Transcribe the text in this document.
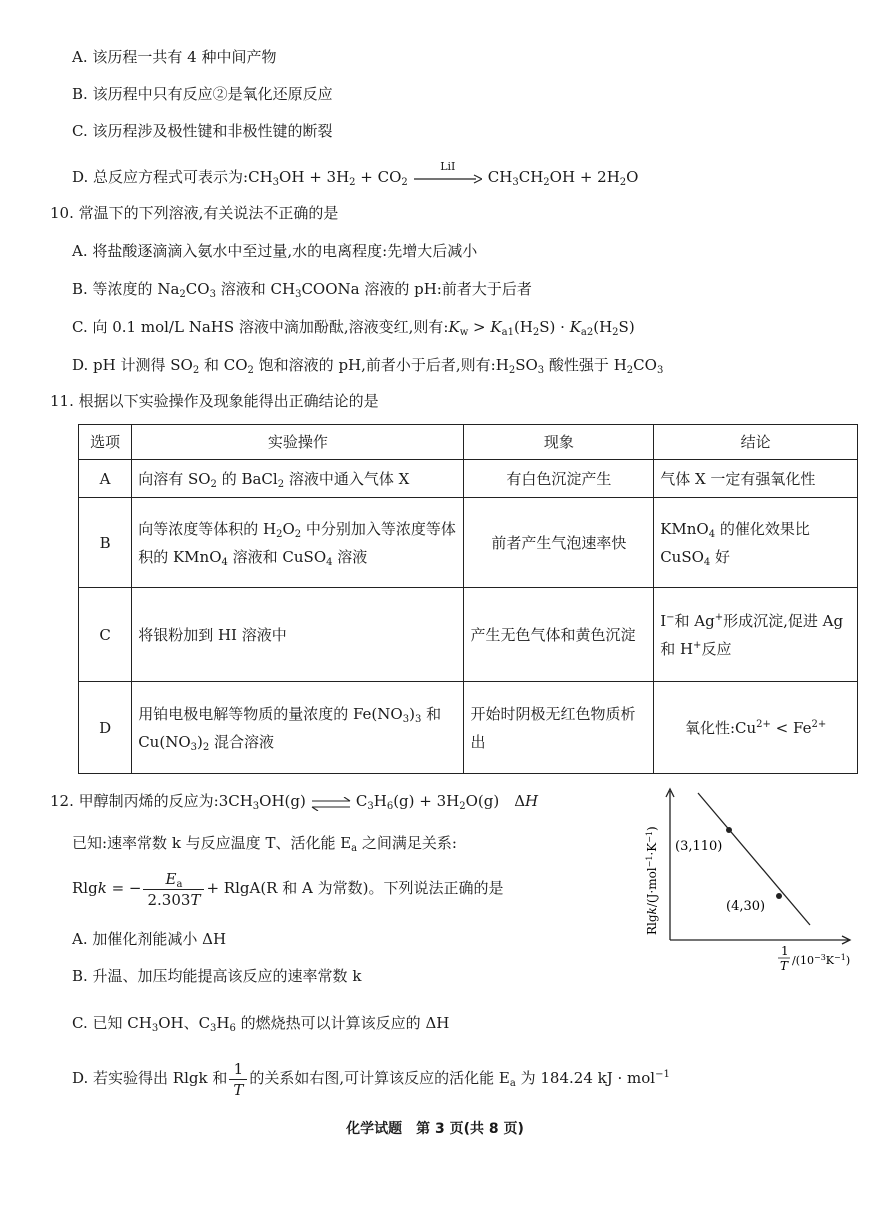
A. 该历程一共有 4 种中间产物
B. 该历程中只有反应②是氧化还原反应
C. 该历程涉及极性键和非极性键的断裂
D. 总反应方程式可表示为$:CH_3OH + 3H_2 + CO_2$
LiI
$CH_3CH_2OH + 2H_2O$
10. 常温下的下列溶液,有关说法不正确的是
A. 将盐酸逐滴滴入氨水中至过量,水的电离程度:先增大后减小
B. 等浓度的 $Na_2CO_3$ 溶液和 $CH_3COONa$ 溶液的 pH:前者大于后者
C. 向 0.1 mol/L NaHS 溶液中滴加酚酞,溶液变红,则有$:K_w > K_{a1}(H_2S) \cdot K_{a2}(H_2S)$
D. pH 计测得 $SO_2$ 和 $CO_2$ 饱和溶液的 pH,前者小于后者,则有$:H_2SO_3$ 酸性强于 $H_2CO_3$
11. 根据以下实验操作及现象能得出正确结论的是
选项	实验操作	现象	结论
A	向溶有 $SO_2$ 的 BaCl$_2$ 溶液中通入气体 X	有白色沉淀产生	气体 X 一定有强氧化性
B	向等浓度等体积的 $H_2O_2$ 中分别加入等浓度等体积的 KMnO$_4$ 溶液和 CuSO$_4$ 溶液	前者产生气泡速率快	KMnO$_4$ 的催化效果比 CuSO$_4$ 好
C	将银粉加到 HI 溶液中	产生无色气体和黄色沉淀	I−和 Ag+形成沉淀,促进 Ag 和 H+反应
D	用铂电极电解等物质的量浓度的 $Fe(NO_3)_3$ 和 $Cu(NO_3)_2$ 混合溶液	开始时阴极无红色物质析出	氧化性$:Cu^{2+} < Fe^{2+}$
12. 甲醇制丙烯的反应为$:3CH_3OH(g)$ ⇌ $C_3H_6(g) + 3H_2O(g)$　ΔH
已知:速率常数 k 与反应温度 T、活化能 $E_a$ 之间满足关系:
Rlgk = − $\frac{E_a}{2.303T} + RlgA(R$ 和 A 为常数)。下列说法正确的是
A. 加催化剂能减小 ΔH
B. 升温、加压均能提高该反应的速率常数 k
C. 已知 $CH_3OH$、$C_3H_6$ 的燃烧热可以计算该反应的 ΔH
D. 若实验得出 Rlgk 和 $\frac{1}{T}$ 的关系如右图,可计算该反应的活化能 $E_a$ 为 184.24 kJ · mol$^{-1}$
(3,110)
(4,30)
Rlgk/$(J\cdot mol^{-1}\cdot K^{-1})$
1
T $/(10^{-3}K^{-1})$
化学试题　第 3 页(共 8 页)
